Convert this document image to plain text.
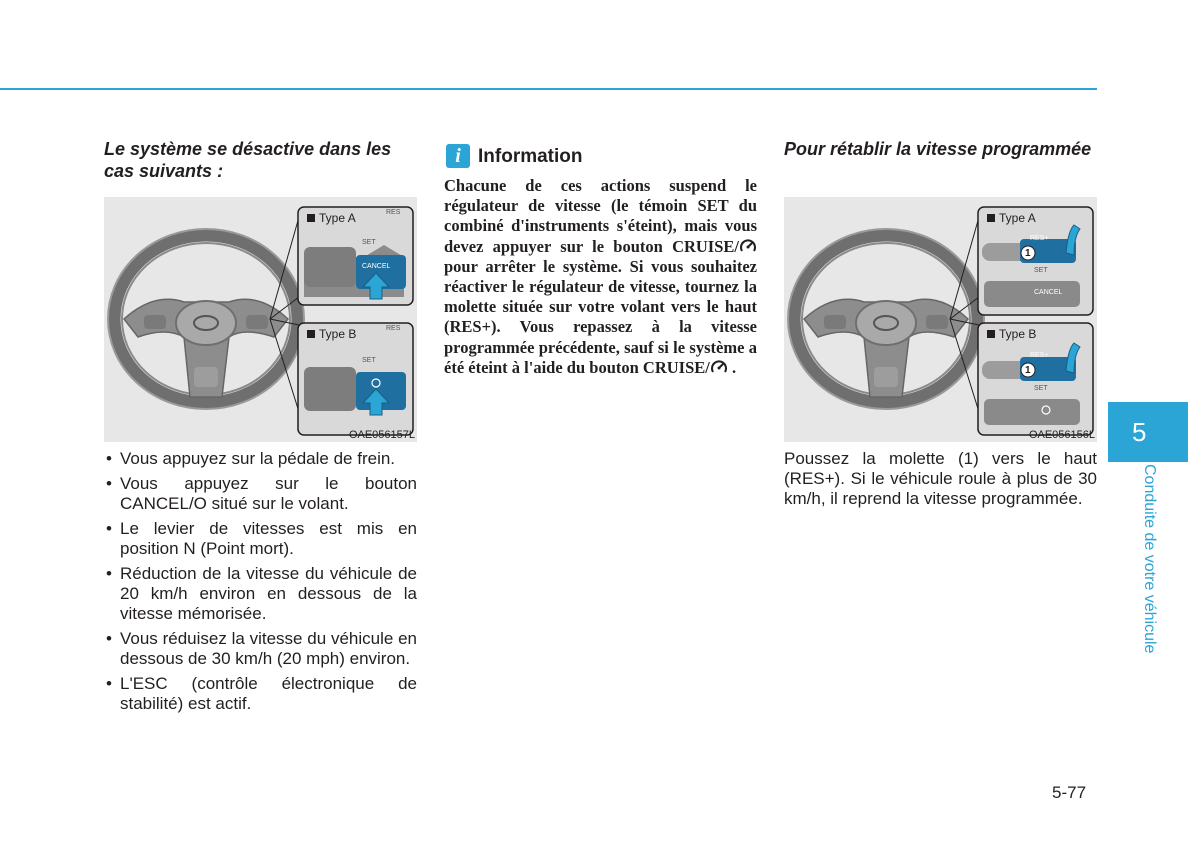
Le système se désactive dans les cas suivants :
Type A	RES
SET
CANCEL
Type B	RES
SET
OAE056157L
• Vous appuyez sur la pédale de frein.
• Vous appuyez sur le bouton CANCEL/O situé sur le volant.
• Le levier de vitesses est mis en position N (Point mort).
• Réduction de la vitesse du véhicule de 20 km/h environ en dessous de la vitesse mémorisée.
• Vous réduisez la vitesse du véhicule en dessous de 30 km/h (20 mph) environ.
• L'ESC (contrôle électronique de stabilité) est actif.
i Information

Chacune de ces actions suspend le régulateur de vitesse (le témoin SET du combiné d'instruments s'éteint), mais vous devez appuyer sur le bouton CRUISE/ pour arrêter le système. Si vous souhaitez réactiver le régulateur de vitesse, tournez la molette située sur votre volant vers le haut (RES+). Vous repassez à la vitesse programmée précédente, sauf si le système a été éteint à l'aide du bouton CRUISE/ .

Pour rétablir la vitesse programmée
Type A
RES+
SET
CANCEL
1
Type B
RES+
SET
1
OAE056156L

Poussez la molette (1) vers le haut (RES+). Si le véhicule roule à plus de 30 km/h, il reprend la vitesse programmée.

5
Conduite de votre véhicule
5-77
